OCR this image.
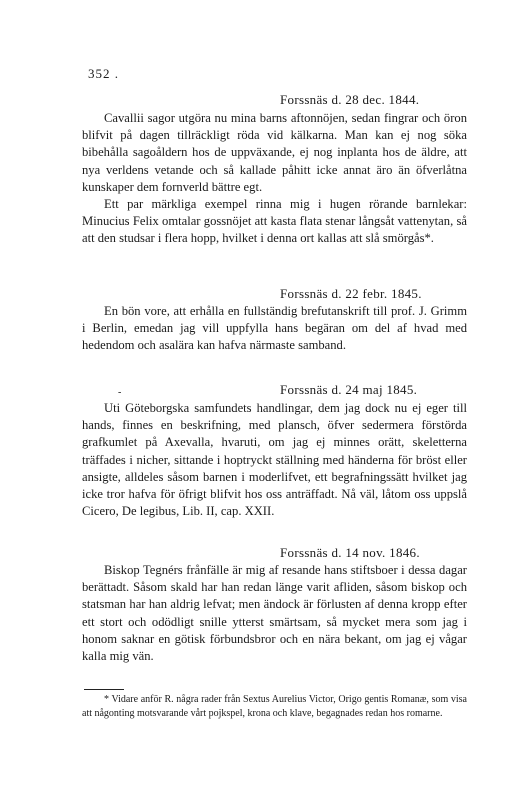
352 .
Forssnäs d. 28 dec. 1844.

Cavallii sagor utgöra nu mina barns aftonnöjen, sedan fingrar och öron blifvit på dagen tillräckligt röda vid kälkarna. Man kan ej nog söka bibehålla sagoåldern hos de uppväxande, ej nog inplanta hos de äldre, att nya verldens vetande och så kallade påhitt icke annat äro än öfverlåtna kunskaper dem fornverld bättre egt.

Ett par märkliga exempel rinna mig i hugen rörande barnlekar: Minucius Felix omtalar gossnöjet att kasta flata stenar långsåt vattenytan, så att den studsar i flera hopp, hvilket i denna ort kallas att slå smörgås*.

Forssnäs d. 22 febr. 1845.

En bön vore, att erhålla en fullständig brefutanskrift till prof. J. Grimm i Berlin, emedan jag vill uppfylla hans begäran om del af hvad med hedendom och asalära kan hafva närmaste samband.

-	Forssnäs d. 24 maj 1845.

Uti Göteborgska samfundets handlingar, dem jag dock nu ej eger till hands, finnes en beskrifning, med plansch, öfver sedermera förstörda grafkumlet på Axevalla, hvaruti, om jag ej minnes orätt, skeletterna träffades i nicher, sittande i hoptryckt ställning med händerna för bröst eller ansigte, alldeles såsom barnen i moderlifvet, ett begrafningssätt hvilket jag icke tror hafva för öfrigt blifvit hos oss anträffadt. Nå väl, låtom oss uppslå Cicero, De legibus, Lib. II, cap. XXII.

Forssnäs d. 14 nov. 1846.

Biskop Tegnérs frånfälle är mig af resande hans stiftsboer i dessa dagar berättadt. Såsom skald har han redan länge varit afliden, såsom biskop och statsman har han aldrig lefvat; men ändock är förlusten af denna kropp efter ett stort och odödligt snille ytterst smärtsam, så mycket mera som jag i honom saknar en götisk förbundsbror och en nära bekant, om jag ej vågar kalla mig vän.

* Vidare anför R. några rader från Sextus Aurelius Victor, Origo gentis Romanæ, som visa att någonting motsvarande vårt pojkspel, krona och klave, begagnades redan hos romarne.
